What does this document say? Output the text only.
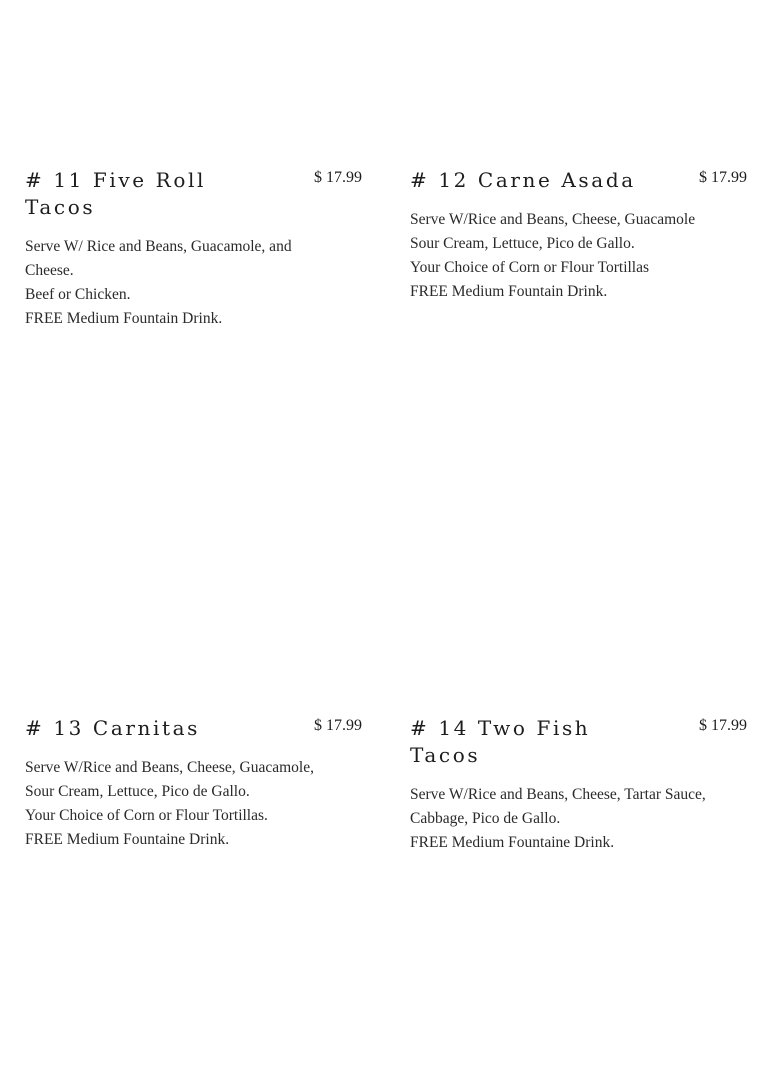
# 11 Five Roll Tacos
$ 17.99
Serve W/ Rice and Beans, Guacamole, and Cheese.
Beef or Chicken.
FREE Medium Fountain Drink.
# 12 Carne Asada	$ 17.99
Serve W/Rice and Beans, Cheese, Guacamole
Sour Cream, Lettuce, Pico de Gallo.
Your Choice of Corn or Flour Tortillas
FREE Medium Fountain Drink.
# 13 Carnitas	$ 17.99
Serve W/Rice and Beans, Cheese, Guacamole,
Sour Cream, Lettuce, Pico de Gallo.
Your Choice of Corn or Flour Tortillas.
FREE Medium Fountaine Drink.
# 14 Two Fish Tacos
$ 17.99
Serve W/Rice and Beans, Cheese, Tartar Sauce, Cabbage, Pico de Gallo.
FREE Medium Fountaine Drink.
